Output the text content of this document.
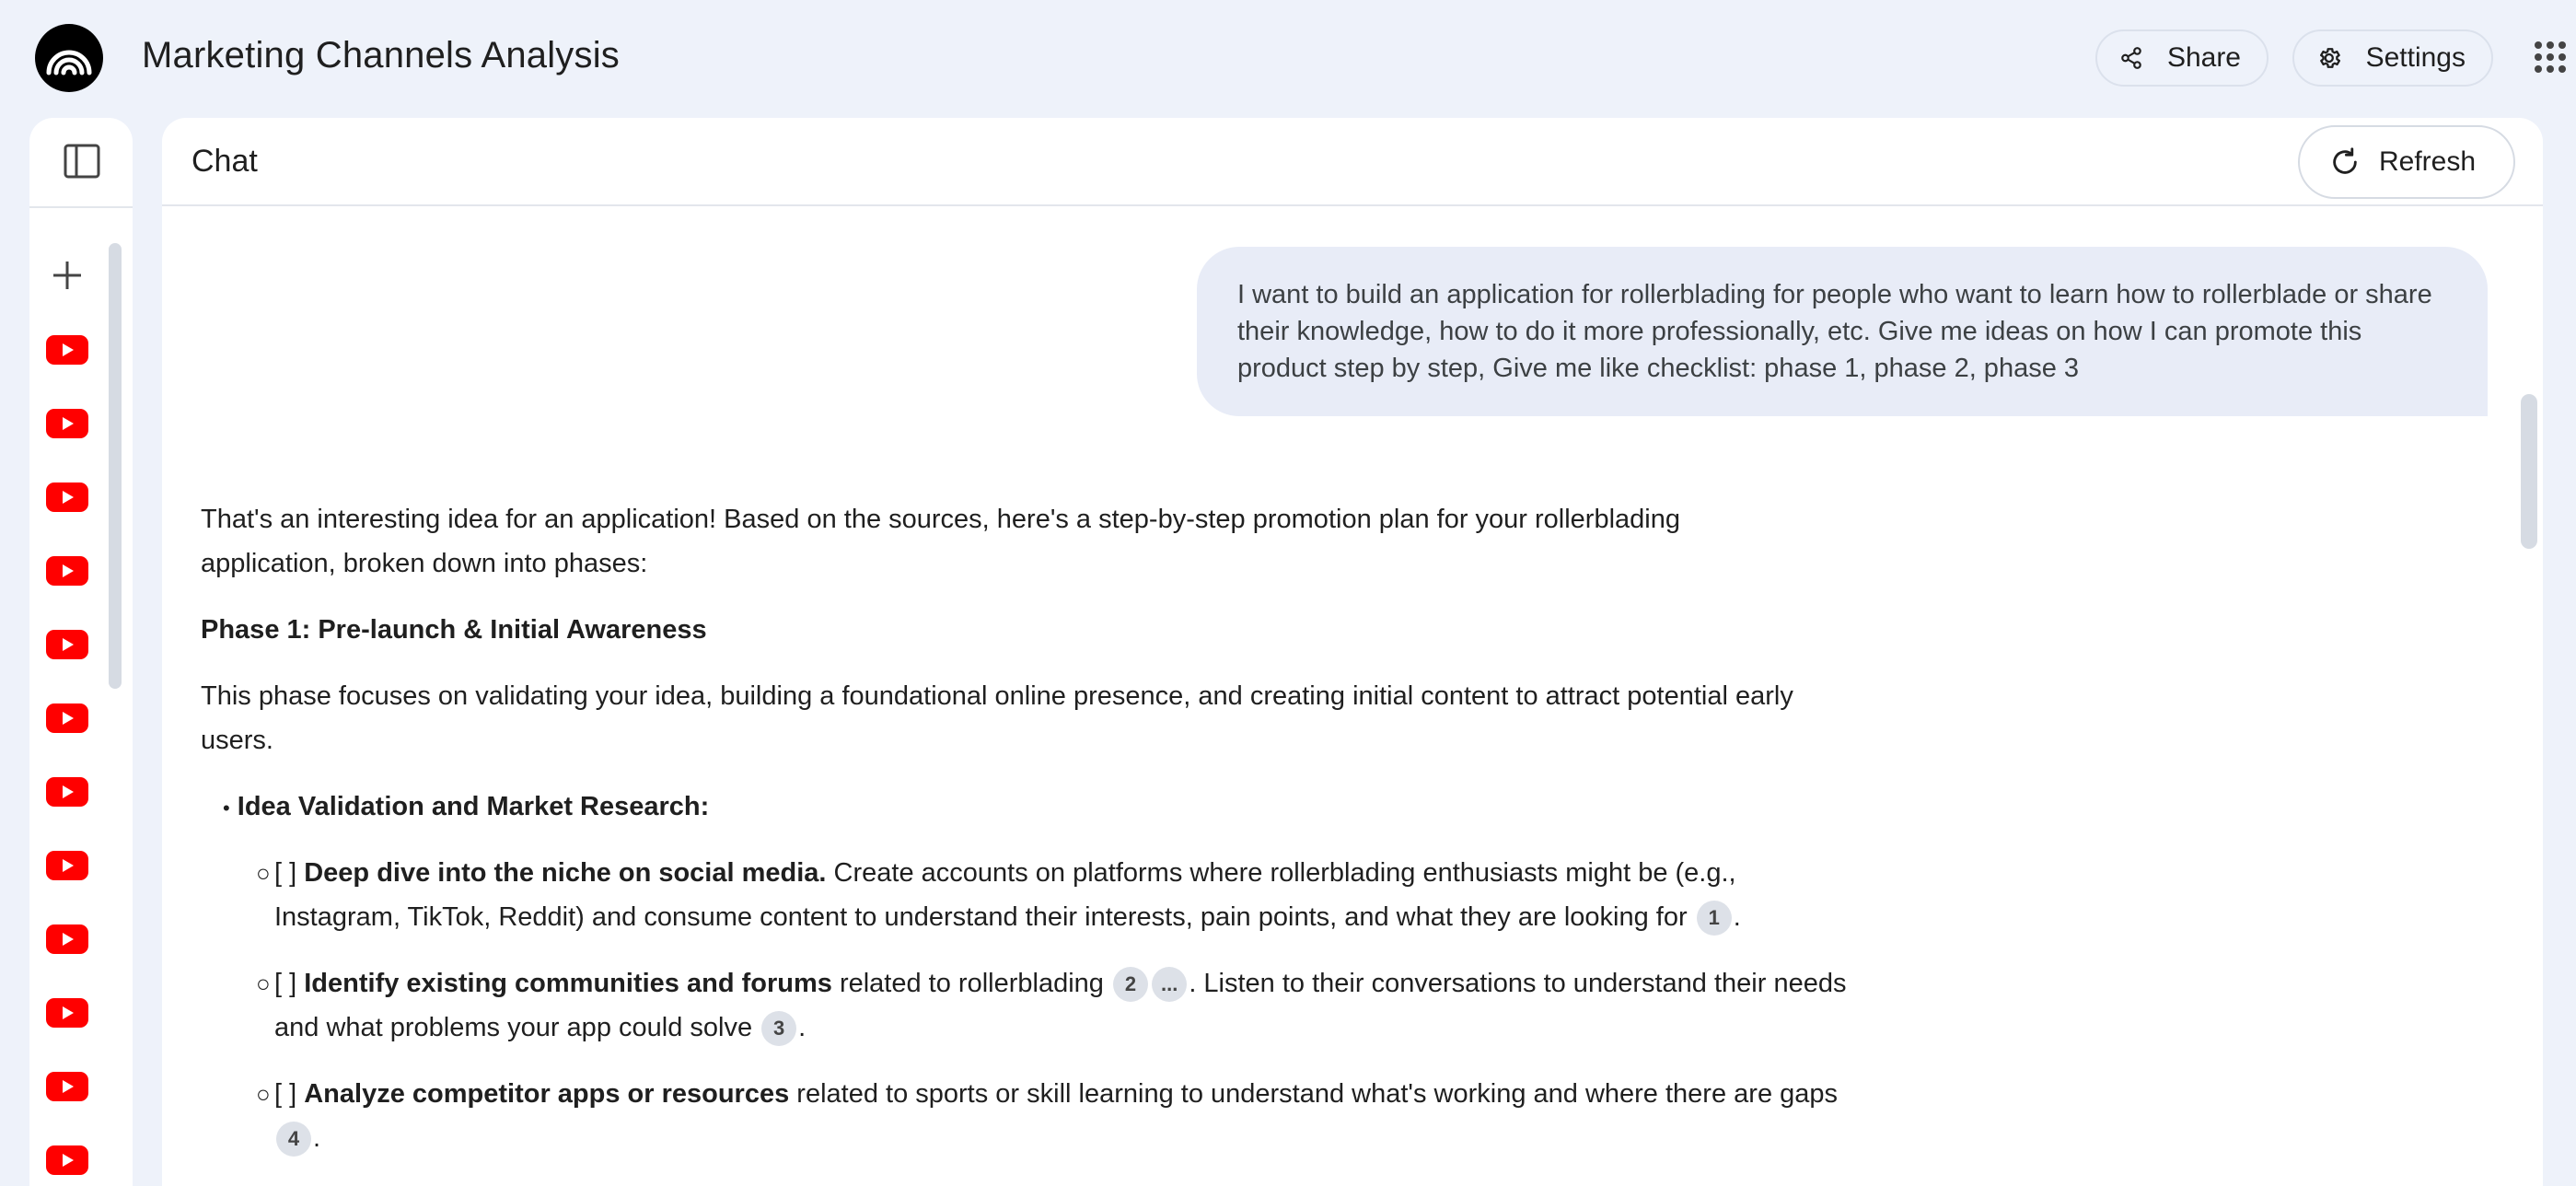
Marketing Channels Analysis	Share	Settings
Chat	Refresh
I want to build an application for rollerblading for people who want to learn how to rollerblade or share their knowledge, how to do it more professionally, etc. Give me ideas on how I can promote this product step by step, Give me like checklist: phase 1, phase 2, phase 3

That's an interesting idea for an application! Based on the sources, here's a step-by-step promotion plan for your rollerblading application, broken down into phases:

Phase 1: Pre-launch & Initial Awareness

This phase focuses on validating your idea, building a foundational online presence, and creating initial content to attract potential early users.

• Idea Validation and Market Research:
○ [ ] Deep dive into the niche on social media. Create accounts on platforms where rollerblading enthusiasts might be (e.g., Instagram, TikTok, Reddit) and consume content to understand their interests, pain points, and what they are looking for 1 .
○ [ ] Identify existing communities and forums related to rollerblading 2 ... . Listen to their conversations to understand their needs and what problems your app could solve 3 .
○ [ ] Analyze competitor apps or resources related to sports or skill learning to understand what's working and where there are gaps 4 .
